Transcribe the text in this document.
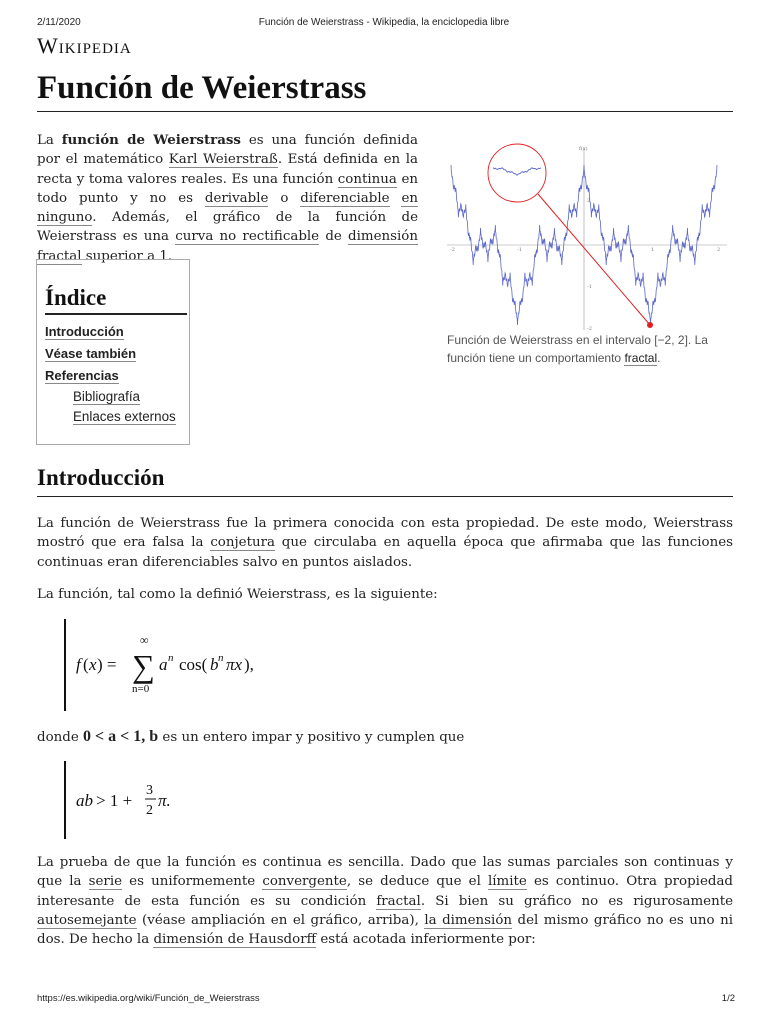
2/11/2020	Función de Weierstrass - Wikipedia, la enciclopedia libre
Wikipedia
Función de Weierstrass

La función de Weierstrass es una función definida por el matemático Karl Weierstraß. Está definida en la recta y toma valores reales. Es una función continua en todo punto y no es derivable o diferenciable en ninguno. Además, el gráfico de la función de Weierstrass es una curva no rectificable de dimensión fractal superior a 1.

f(x)
-2	-1	1	2
2
-1
-2
Función de Weierstrass en el intervalo [−2, 2]. La función tiene un comportamiento fractal.
Índice
Introducción
Véase también
Referencias
Bibliografía
Enlaces externos
Introducción

La función de Weierstrass fue la primera conocida con esta propiedad. De este modo, Weierstrass mostró que era falsa la conjetura que circulaba en aquella época que afirmaba que las funciones continuas eran diferenciables salvo en puntos aislados.

La función, tal como la definió Weierstrass, es la siguiente:

f ( x ) =
∞
∑
n=0
a n cos( b n πx ),

donde 0 < a < 1, b es un entero impar y positivo y cumplen que

ab > 1 +
3
2
π.

La prueba de que la función es continua es sencilla. Dado que las sumas parciales son continuas y que la serie es uniformemente convergente, se deduce que el límite es continuo. Otra propiedad interesante de esta función es su condición fractal. Si bien su gráfico no es rigurosamente autosemejante (véase ampliación en el gráfico, arriba), la dimensión del mismo gráfico no es uno ni dos. De hecho la dimensión de Hausdorff está acotada inferiormente por:

https://es.wikipedia.org/wiki/Función_de_Weierstrass	1/2
